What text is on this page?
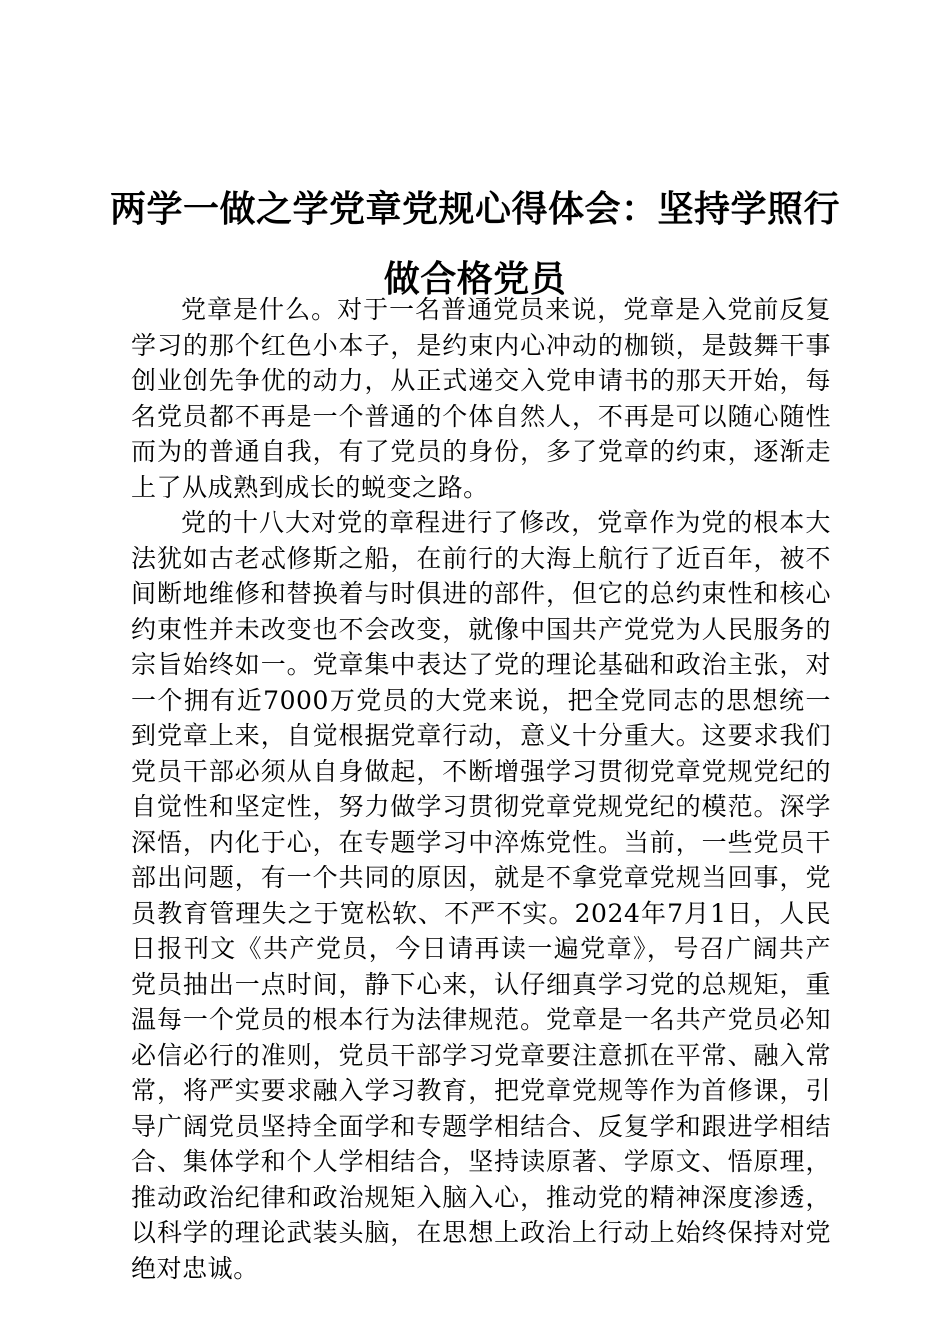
两学一做之学党章党规心得体会：坚持学照行做合格党员

党章是什么。对于一名普通党员来说，党章是入党前反复学习的那个红色小本子，是约束内心冲动的枷锁，是鼓舞干事创业创先争优的动力，从正式递交入党申请书的那天开始，每名党员都不再是一个普通的个体自然人，不再是可以随心随性而为的普通自我，有了党员的身份，多了党章的约束，逐渐走上了从成熟到成长的蜕变之路。

党的十八大对党的章程进行了修改，党章作为党的根本大法犹如古老忒修斯之船，在前行的大海上航行了近百年，被不间断地维修和替换着与时俱进的部件，但它的总约束性和核心约束性并未改变也不会改变，就像中国共产党党为人民服务的宗旨始终如一。党章集中表达了党的理论基础和政治主张，对一个拥有近7000万党员的大党来说，把全党同志的思想统一到党章上来，自觉根据党章行动，意义十分重大。这要求我们党员干部必须从自身做起，不断增强学习贯彻党章党规党纪的自觉性和坚定性，努力做学习贯彻党章党规党纪的模范。深学深悟，内化于心，在专题学习中淬炼党性。当前，一些党员干部出问题，有一个共同的原因，就是不拿党章党规当回事，党员教育管理失之于宽松软、不严不实。2024年7月1日，人民日报刊文《共产党员，今日请再读一遍党章》，号召广阔共产党员抽出一点时间，静下心来，认仔细真学习党的总规矩，重温每一个党员的根本行为法律规范。党章是一名共产党员必知必信必行的准则，党员干部学习党章要注意抓在平常、融入常常，将严实要求融入学习教育，把党章党规等作为首修课，引导广阔党员坚持全面学和专题学相结合、反复学和跟进学相结合、集体学和个人学相结合，坚持读原著、学原文、悟原理，推动政治纪律和政治规矩入脑入心，推动党的精神深度渗透，以科学的理论武装头脑，在思想上政治上行动上始终保持对党绝对忠诚。
